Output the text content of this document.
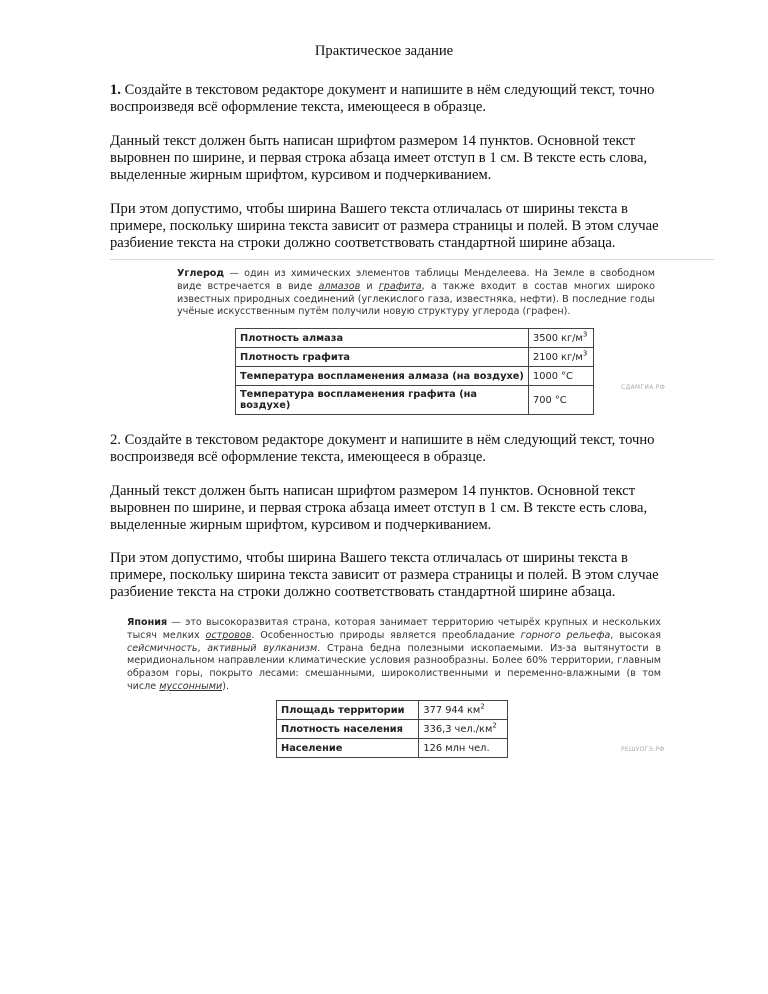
Практическое задание

1. Создайте в текстовом редакторе документ и напишите в нём следующий текст, точно воспроизведя всё оформление текста, имеющееся в образце.

Данный текст должен быть написан шрифтом размером 14 пунктов. Основной текст выровнен по ширине, и первая строка абзаца имеет отступ в 1 см. В тексте есть слова, выделенные жирным шрифтом, курсивом и подчеркиванием.

При этом допустимо, чтобы ширина Вашего текста отличалась от ширины текста в примере, поскольку ширина текста зависит от размера страницы и полей. В этом случае разбиение текста на строки должно соответствовать стандартной ширине абзаца.

Углерод — один из химических элементов таблицы Менделеева. На Земле в свободном виде встречается в виде алмазов и графита, а также входит в состав многих широко известных природных соединений (углекислого газа, известняка, нефти). В последние годы учёные искусственным путём получили новую структуру углерода (графен).

Плотность алмаза	3500 $кг/м^3$
Плотность графита	2100 $кг/м^3$
Температура воспламенения алмаза (на воздухе)	1000 °C
Температура воспламенения графита (на воздухе)	700 °C
СДАМГИА.РФ

2. Создайте в текстовом редакторе документ и напишите в нём следующий текст, точно воспроизведя всё оформление текста, имеющееся в образце.

Данный текст должен быть написан шрифтом размером 14 пунктов. Основной текст выровнен по ширине, и первая строка абзаца имеет отступ в 1 см. В тексте есть слова, выделенные жирным шрифтом, курсивом и подчеркиванием.

При этом допустимо, чтобы ширина Вашего текста отличалась от ширины текста в примере, поскольку ширина текста зависит от размера страницы и полей. В этом случае разбиение текста на строки должно соответствовать стандартной ширине абзаца.

Япония — это высокоразвитая страна, которая занимает территорию четырёх крупных и нескольких тысяч мелких островов. Особенностью природы является преобладание горного рельефа, высокая сейсмичность, активный вулканизм. Страна бедна полезными ископаемыми. Из-за вытянутости в меридиональном направлении климатические условия разнообразны. Более 60% территории, главным образом горы, покрыто лесами: смешанными, широколиственными и переменно-влажными (в том числе муссонными).

Площадь территории	377 944 $км^2$
Плотность населения	336,3 $чел./км^2$
Население	126 млн чел.	РЕШУОГЭ.РФ
